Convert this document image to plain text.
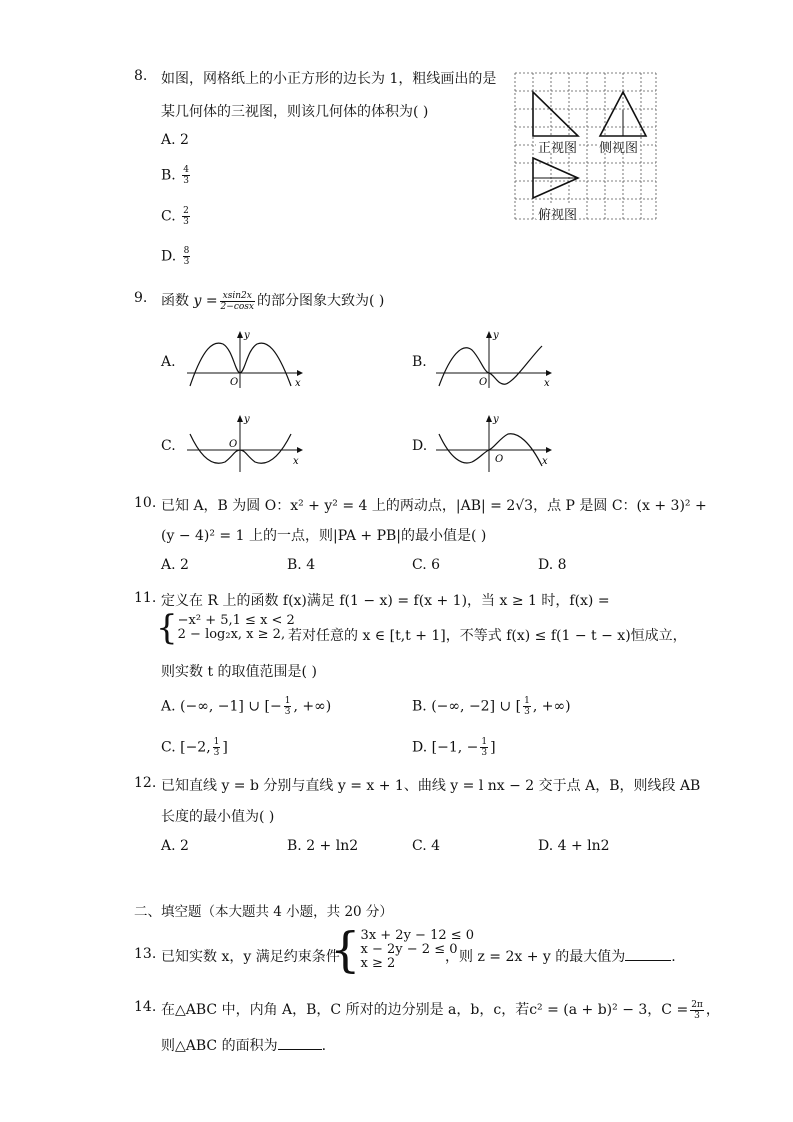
8. 如图，网格纸上的小正方形的边长为 1，粗线画出的是
某几何体的三视图，则该几何体的体积为( )
A. 2
B. $\frac{4}{3}$
C. $\frac{2}{3}$
D. $\frac{8}{3}$
正视图 侧视图
俯视图
9. 函数 $y = \frac{xsin2x}{2-\cos x}$ 的部分图象大致为( )
A.	B.
C.	D.
y
x
O
y
x
O
y
x
O
y
x
O
10. 已知 A，B 为圆 O：x² + y² = 4 上的两动点，|AB| = 2√3，点 P 是圆 C：(x + 3)² +
(y − 4)² = 1 上的一点，则|PA + PB|的最小值是( )
A. 2	B. 4	C. 6	D. 8
11. 定义在 R 上的函数 f(x)满足 f(1 − x) = f(x + 1)，当 x ≥ 1 时，f(x) =
{−x² + 5,1 ≤ x < 2
2 − log₂x, x ≥ 2, 若对任意的 x ∈ [t,t + 1]，不等式 f(x) ≤ f(1 − t − x)恒成立，
则实数 t 的取值范围是( )
A. (−∞, −1] ∪ [− $\frac{1}{3}$ , +∞)	B. (−∞, −2] ∪ [ $\frac{1}{3}$ , +∞)
C. [−2, $\frac{1}{3}$ ]	D. [−1, − $\frac{1}{3}$ ]
12. 已知直线 y = b 分别与直线 y = x + 1、曲线 y = l nx − 2 交于点 A，B，则线段 AB
长度的最小值为( )
A. 2	B. 2 + ln2	C. 4	D. 4 + ln2
二、填空题（本大题共 4 小题，共 20 分）
13. 已知实数 x，y 满足约束条件
{3x + 2y − 12 ≤ 0
x − 2y − 2 ≤ 0
x ≥ 2	，则 z = 2x + y 的最大值为	.
14. 在△ABC 中，内角 A，B，C 所对的边分别是 a，b，c，若c² = (a + b)² − 3，$C = \frac{2\pi}{3}$ ，
则△ABC 的面积为	.
